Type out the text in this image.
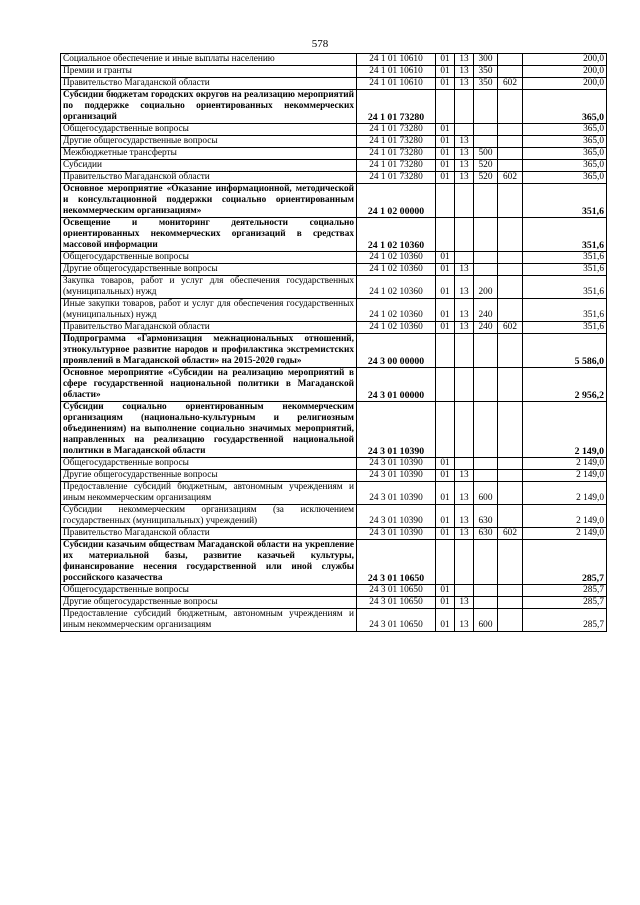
578
Социальное обеспечение и иные выплаты населению	24 1 01 10610	01	13	300		200,0
Премии и гранты	24 1 01 10610	01	13	350		200,0
Правительство Магаданской области	24 1 01 10610	01	13	350	602	200,0
Субсидии бюджетам городских округов на реализацию мероприятий по поддержке социально ориентированных некоммерческих организаций	24 1 01 73280					365,0
Общегосударственные вопросы	24 1 01 73280	01				365,0
Другие общегосударственные вопросы	24 1 01 73280	01	13			365,0
Межбюджетные трансферты	24 1 01 73280	01	13	500		365,0
Субсидии	24 1 01 73280	01	13	520		365,0
Правительство Магаданской области	24 1 01 73280	01	13	520	602	365,0
Основное мероприятие «Оказание информационной, методической и консультационной поддержки социально ориентированным некоммерческим организациям»	24 1 02 00000					351,6
Освещение и мониторинг деятельности социально ориентированных некоммерческих организаций в средствах массовой информации	24 1 02 10360					351,6
Общегосударственные вопросы	24 1 02 10360	01				351,6
Другие общегосударственные вопросы	24 1 02 10360	01	13			351,6
Закупка товаров, работ и услуг для обеспечения государственных (муниципальных) нужд	24 1 02 10360	01	13	200		351,6
Иные закупки товаров, работ и услуг для обеспечения государственных (муниципальных) нужд	24 1 02 10360	01	13	240		351,6
Правительство Магаданской области	24 1 02 10360	01	13	240	602	351,6
Подпрограмма «Гармонизация межнациональных отношений, этнокультурное развитие народов и профилактика экстремистских проявлений в Магаданской области» на 2015-2020 годы»	24 3 00 00000					5 586,0
Основное мероприятие «Субсидии на реализацию мероприятий в сфере государственной национальной политики в Магаданской области»	24 3 01 00000					2 956,2
Субсидии социально ориентированным некоммерческим организациям (национально-культурным и религиозным объединениям) на выполнение социально значимых мероприятий, направленных на реализацию государственной национальной политики в Магаданской области	24 3 01 10390					2 149,0
Общегосударственные вопросы	24 3 01 10390	01				2 149,0
Другие общегосударственные вопросы	24 3 01 10390	01	13			2 149,0
Предоставление субсидий бюджетным, автономным учреждениям и иным некоммерческим организациям	24 3 01 10390	01	13	600		2 149,0
Субсидии некоммерческим организациям (за исключением государственных (муниципальных) учреждений)	24 3 01 10390	01	13	630		2 149,0
Правительство Магаданской области	24 3 01 10390	01	13	630	602	2 149,0
Субсидии казачьим обществам Магаданской области на укрепление их материальной базы, развитие казачьей культуры, финансирование несения государственной или иной службы российского казачества	24 3 01 10650					285,7
Общегосударственные вопросы	24 3 01 10650	01				285,7
Другие общегосударственные вопросы	24 3 01 10650	01	13			285,7
Предоставление субсидий бюджетным, автономным учреждениям и иным некоммерческим организациям	24 3 01 10650	01	13	600		285,7
